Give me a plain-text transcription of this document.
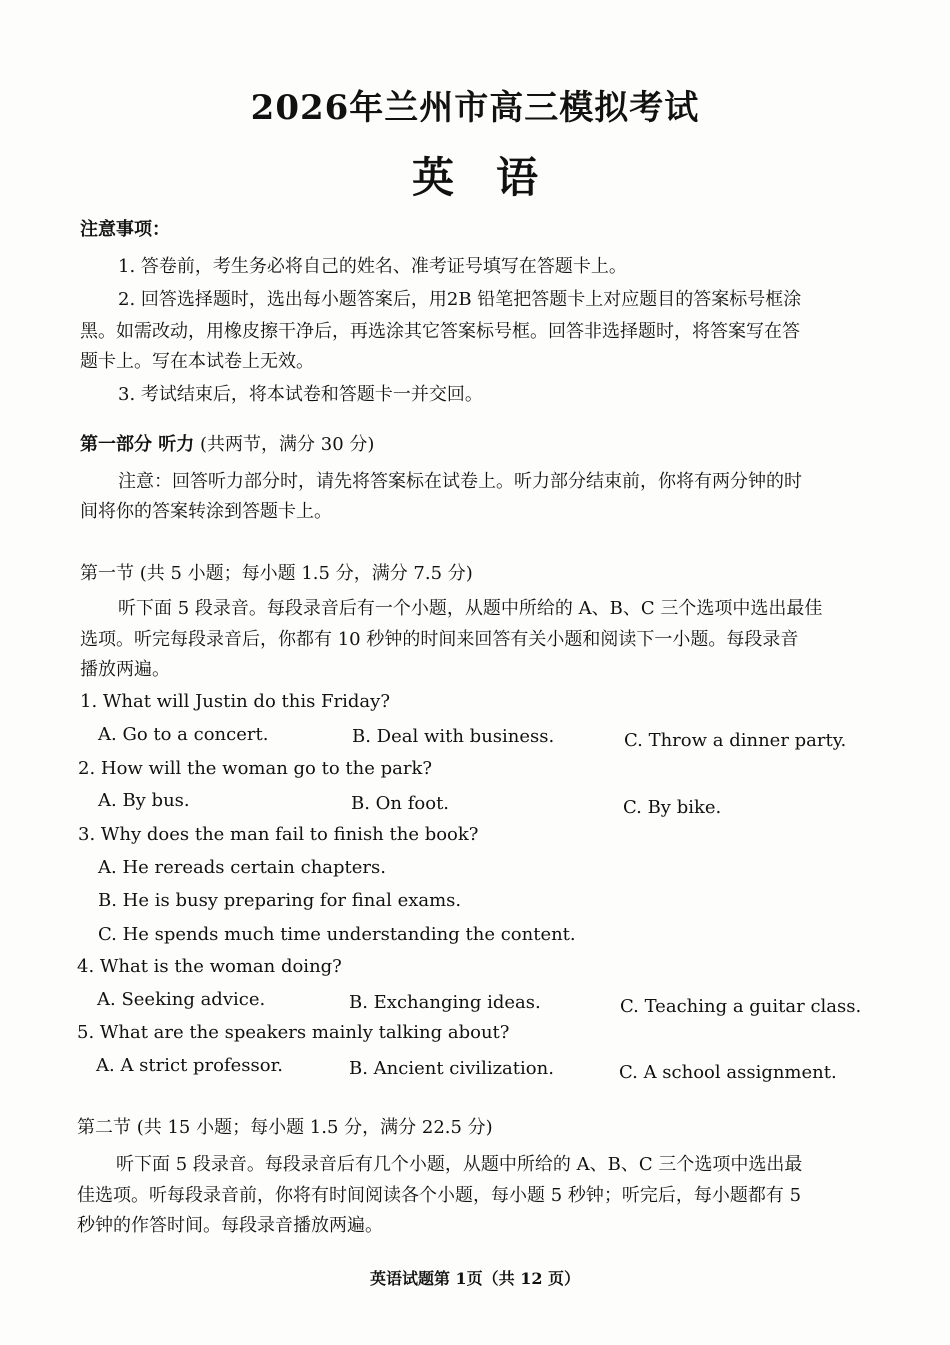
2026年兰州市高三模拟考试
英　语

注意事项：

1. 答卷前，考生务必将自己的姓名、准考证号填写在答题卡上。

2. 回答选择题时，选出每小题答案后，用2B 铅笔把答题卡上对应题目的答案标号框涂

黑。如需改动，用橡皮擦干净后，再选涂其它答案标号框。回答非选择题时，将答案写在答

题卡上。写在本试卷上无效。

3. 考试结束后，将本试卷和答题卡一并交回。

第一部分 听力 (共两节，满分 30 分)

注意：回答听力部分时，请先将答案标在试卷上。听力部分结束前，你将有两分钟的时

间将你的答案转涂到答题卡上。

第一节 (共 5 小题；每小题 1.5 分，满分 7.5 分)

听下面 5 段录音。每段录音后有一个小题，从题中所给的 A、B、C 三个选项中选出最佳

选项。听完每段录音后，你都有 10 秒钟的时间来回答有关小题和阅读下一小题。每段录音

播放两遍。

1. What will Justin do this Friday?

A. Go to a concert.	B. Deal with business.	C. Throw a dinner party.

2. How will the woman go to the park?

A. By bus.	B. On foot.	C. By bike.

3. Why does the man fail to finish the book?

A. He rereads certain chapters.

B. He is busy preparing for final exams.

C. He spends much time understanding the content.

4. What is the woman doing?

A. Seeking advice.	B. Exchanging ideas.	C. Teaching a guitar class.

5. What are the speakers mainly talking about?

A. A strict professor.	B. Ancient civilization.	C. A school assignment.

第二节 (共 15 小题；每小题 1.5 分，满分 22.5 分)

听下面 5 段录音。每段录音后有几个小题，从题中所给的 A、B、C 三个选项中选出最

佳选项。听每段录音前，你将有时间阅读各个小题，每小题 5 秒钟；听完后，每小题都有 5

秒钟的作答时间。每段录音播放两遍。

英语试题第 1页（共 12 页）
